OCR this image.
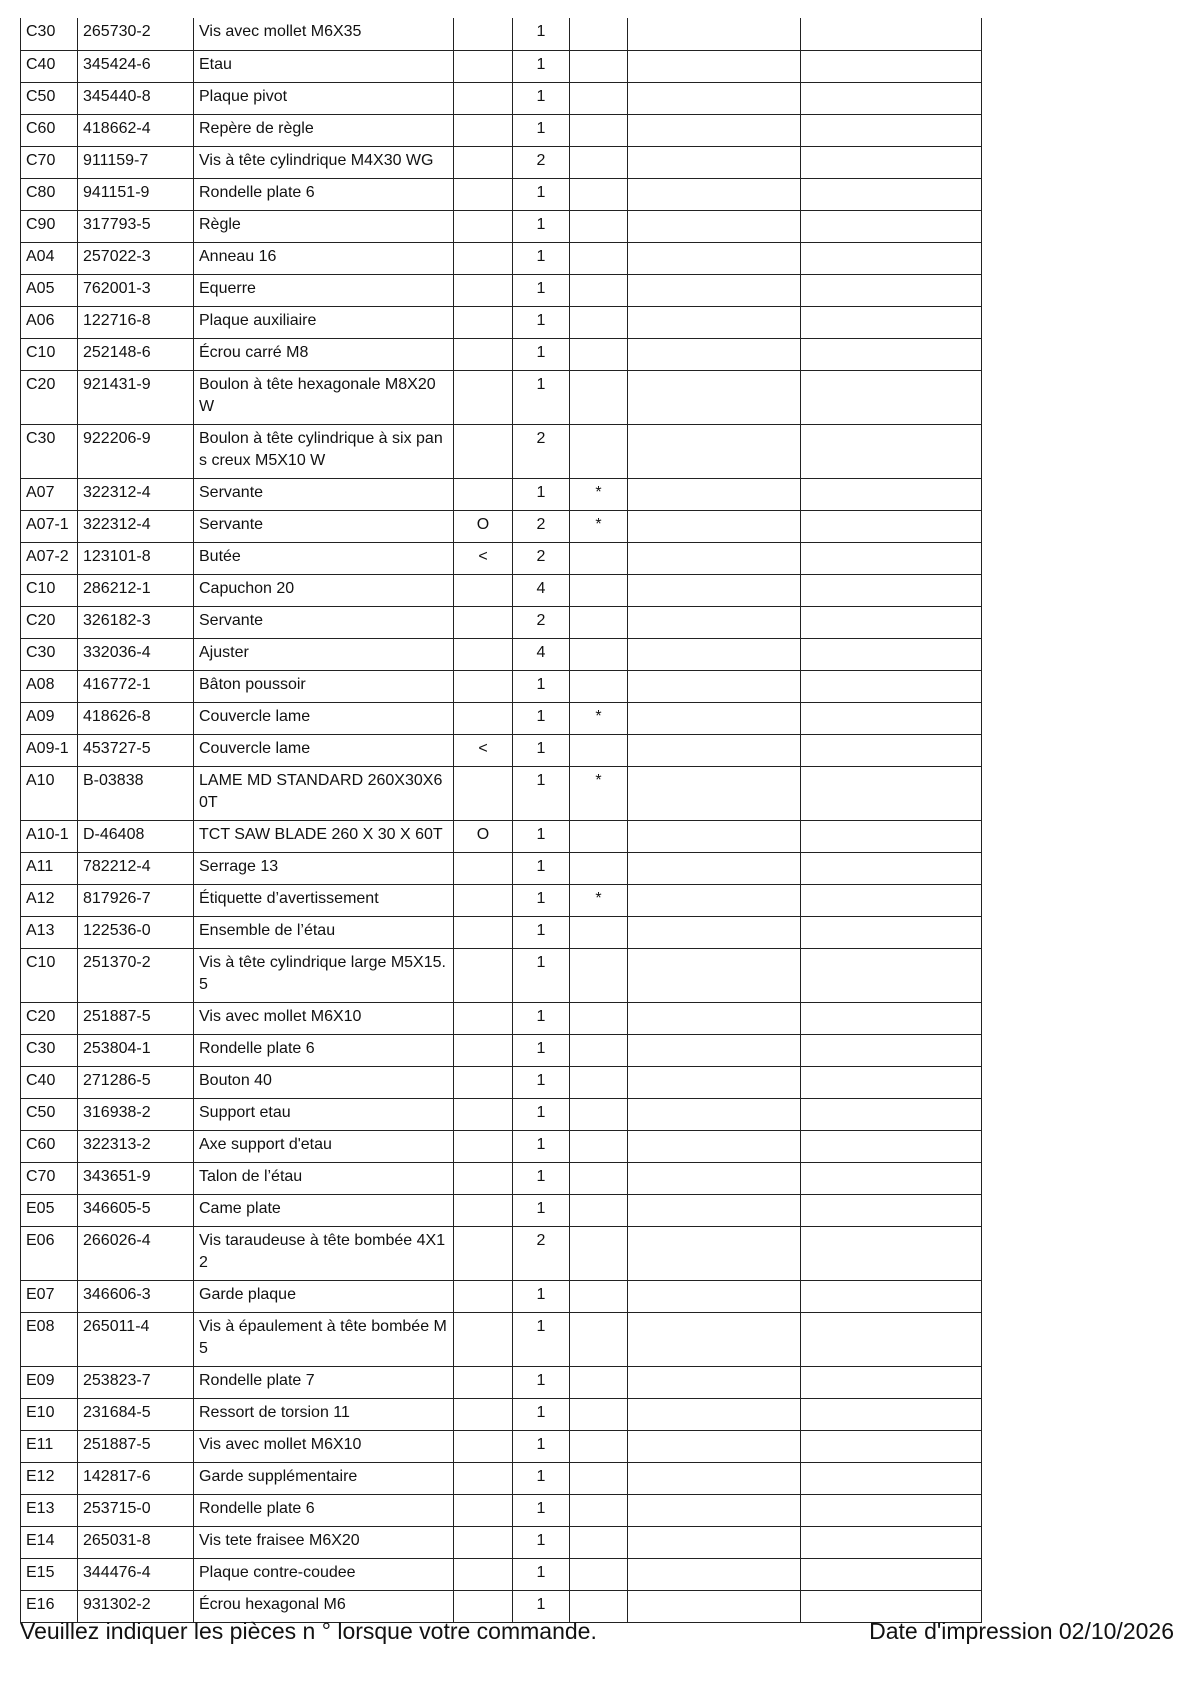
C30	265730-2	Vis avec mollet M6X35		1			
C40	345424-6	Etau		1			
C50	345440-8	Plaque pivot		1			
C60	418662-4	Repère de règle		1			
C70	911159-7	Vis à tête cylindrique M4X30 WG		2			
C80	941151-9	Rondelle plate 6		1			
C90	317793-5	Règle		1			
A04	257022-3	Anneau 16		1			
A05	762001-3	Equerre		1			
A06	122716-8	Plaque auxiliaire		1			
C10	252148-6	Écrou carré M8		1			
C20	921431-9	Boulon à tête hexagonale M8X20 W		1			
C30	922206-9	Boulon à tête cylindrique à six pans creux M5X10 W		2			
A07	322312-4	Servante		1	*		
A07-1	322312-4	Servante	O	2	*		
A07-2	123101-8	Butée	<	2			
C10	286212-1	Capuchon 20		4			
C20	326182-3	Servante		2			
C30	332036-4	Ajuster		4			
A08	416772-1	Bâton poussoir		1			
A09	418626-8	Couvercle lame		1	*		
A09-1	453727-5	Couvercle lame	<	1			
A10	B-03838	LAME MD STANDARD 260X30X60T		1	*		
A10-1	D-46408	TCT SAW BLADE 260 X 30 X 60T	O	1			
A11	782212-4	Serrage 13		1			
A12	817926-7	Étiquette d’avertissement		1	*		
A13	122536-0	Ensemble de l’étau		1			
C10	251370-2	Vis à tête cylindrique large M5X15.5		1			
C20	251887-5	Vis avec mollet M6X10		1			
C30	253804-1	Rondelle plate 6		1			
C40	271286-5	Bouton 40		1			
C50	316938-2	Support etau		1			
C60	322313-2	Axe support d'etau		1			
C70	343651-9	Talon de l’étau		1			
E05	346605-5	Came plate		1			
E06	266026-4	Vis taraudeuse à tête bombée 4X12		2			
E07	346606-3	Garde plaque		1			
E08	265011-4	Vis à épaulement à tête bombée M5		1			
E09	253823-7	Rondelle plate 7		1			
E10	231684-5	Ressort de torsion 11		1			
E11	251887-5	Vis avec mollet M6X10		1			
E12	142817-6	Garde supplémentaire		1			
E13	253715-0	Rondelle plate 6		1			
E14	265031-8	Vis tete fraisee M6X20		1			
E15	344476-4	Plaque contre-coudee		1			
E16	931302-2	Écrou hexagonal M6		1			
Veuillez indiquer les pièces n ° lorsque votre commande.	Date d'impression 02/10/2026
